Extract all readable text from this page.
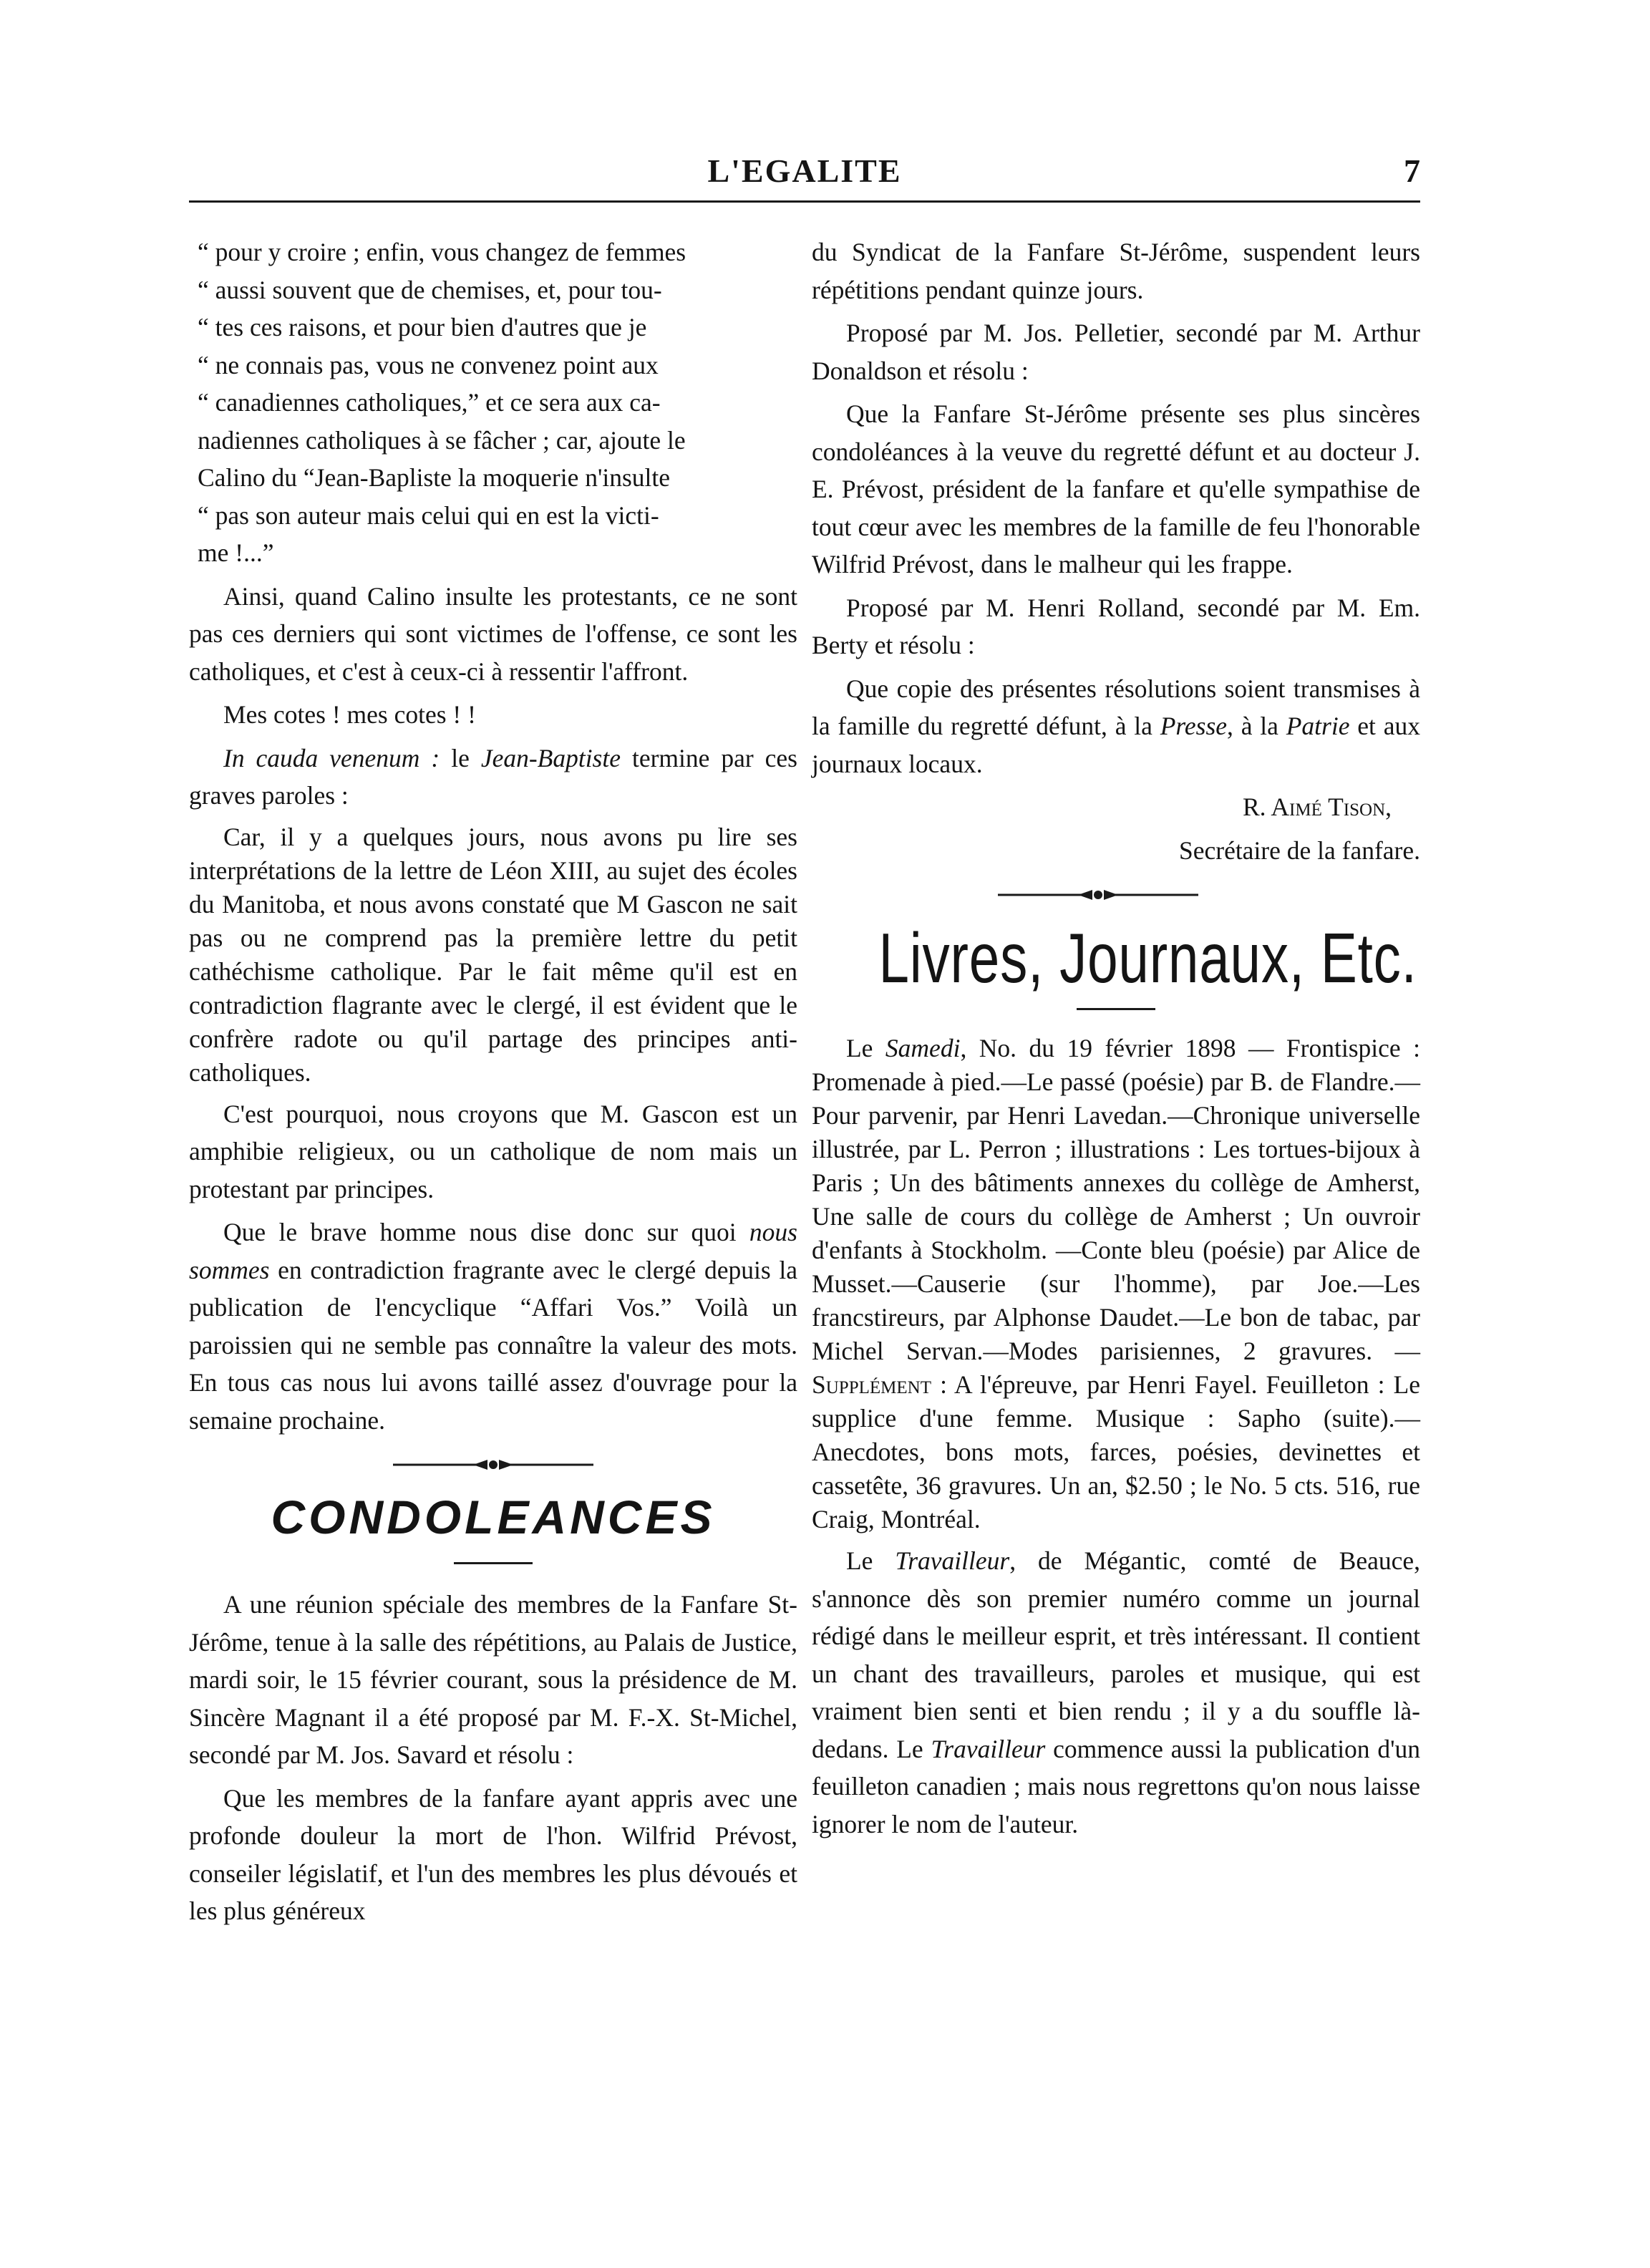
L'EGALITE	7

“ pour y croire ; enfin, vous changez de femmes
“ aussi souvent que de chemises, et, pour tou-
“ tes ces raisons, et pour bien d'autres que je
“ ne connais pas, vous ne convenez point aux
“ canadiennes catholiques,” et ce sera aux ca-
nadiennes catholiques à se fâcher ; car, ajoute le
Calino du “Jean-Bapliste la moquerie n'insulte
“ pas son auteur mais celui qui en est la victi-
me !...”

Ainsi, quand Calino insulte les protestants, ce ne sont pas ces derniers qui sont victimes de l'offense, ce sont les catholiques, et c'est à ceux-ci à ressentir l'affront.

Mes cotes ! mes cotes ! !

In cauda venenum : le Jean-Baptiste termine par ces graves paroles :

Car, il y a quelques jours, nous avons pu lire ses interprétations de la lettre de Léon XIII, au sujet des écoles du Manitoba, et nous avons constaté que M Gascon ne sait pas ou ne comprend pas la première lettre du petit cathéchisme catholique. Par le fait même qu'il est en contradiction flagrante avec le clergé, il est évident que le confrère radote ou qu'il partage des principes anti-catholiques.

C'est pourquoi, nous croyons que M. Gascon est un amphibie religieux, ou un catholique de nom mais un protestant par principes.

Que le brave homme nous dise donc sur quoi nous sommes en contradiction fragrante avec le clergé depuis la publication de l'encyclique “Affari Vos.” Voilà un paroissien qui ne semble pas connaître la valeur des mots. En tous cas nous lui avons taillé assez d'ouvrage pour la semaine prochaine.

CONDOLEANCES

A une réunion spéciale des membres de la Fanfare St-Jérôme, tenue à la salle des répétitions, au Palais de Justice, mardi soir, le 15 février courant, sous la présidence de M. Sincère Magnant il a été proposé par M. F.-X. St-Michel, secondé par M. Jos. Savard et résolu :

Que les membres de la fanfare ayant appris avec une profonde douleur la mort de l'hon. Wilfrid Prévost, conseiler législatif, et l'un des membres les plus dévoués et les plus généreux

du Syndicat de la Fanfare St-Jérôme, suspendent leurs répétitions pendant quinze jours.

Proposé par M. Jos. Pelletier, secondé par M. Arthur Donaldson et résolu :

Que la Fanfare St-Jérôme présente ses plus sincères condoléances à la veuve du regretté défunt et au docteur J. E. Prévost, président de la fanfare et qu'elle sympathise de tout cœur avec les membres de la famille de feu l'honorable Wilfrid Prévost, dans le malheur qui les frappe.

Proposé par M. Henri Rolland, secondé par M. Em. Berty et résolu :

Que copie des présentes résolutions soient transmises à la famille du regretté défunt, à la Presse, à la Patrie et aux journaux locaux.

R. Aimé Tison,

Secrétaire de la fanfare.

Livres, Journaux, Etc.

Le Samedi, No. du 19 février 1898 — Frontispice : Promenade à pied.—Le passé (poésie) par B. de Flandre.—Pour parvenir, par Henri Lavedan.—Chronique universelle illustrée, par L. Perron ; illustrations : Les tortues-bijoux à Paris ; Un des bâtiments annexes du collège de Amherst, Une salle de cours du collège de Amherst ; Un ouvroir d'enfants à Stockholm. —Conte bleu (poésie) par Alice de Musset.—Causerie (sur l'homme), par Joe.—Les francstireurs, par Alphonse Daudet.—Le bon de tabac, par Michel Servan.—Modes parisiennes, 2 gravures. — Supplément : A l'épreuve, par Henri Fayel. Feuilleton : Le supplice d'une femme. Musique : Sapho (suite).—Anecdotes, bons mots, farces, poésies, devinettes et cassetête, 36 gravures. Un an, $2.50 ; le No. 5 cts. 516, rue Craig, Montréal.

Le Travailleur, de Mégantic, comté de Beauce, s'annonce dès son premier numéro comme un journal rédigé dans le meilleur esprit, et très intéressant. Il contient un chant des travailleurs, paroles et musique, qui est vraiment bien senti et bien rendu ; il y a du souffle là-dedans. Le Travailleur commence aussi la publication d'un feuilleton canadien ; mais nous regrettons qu'on nous laisse ignorer le nom de l'auteur.
